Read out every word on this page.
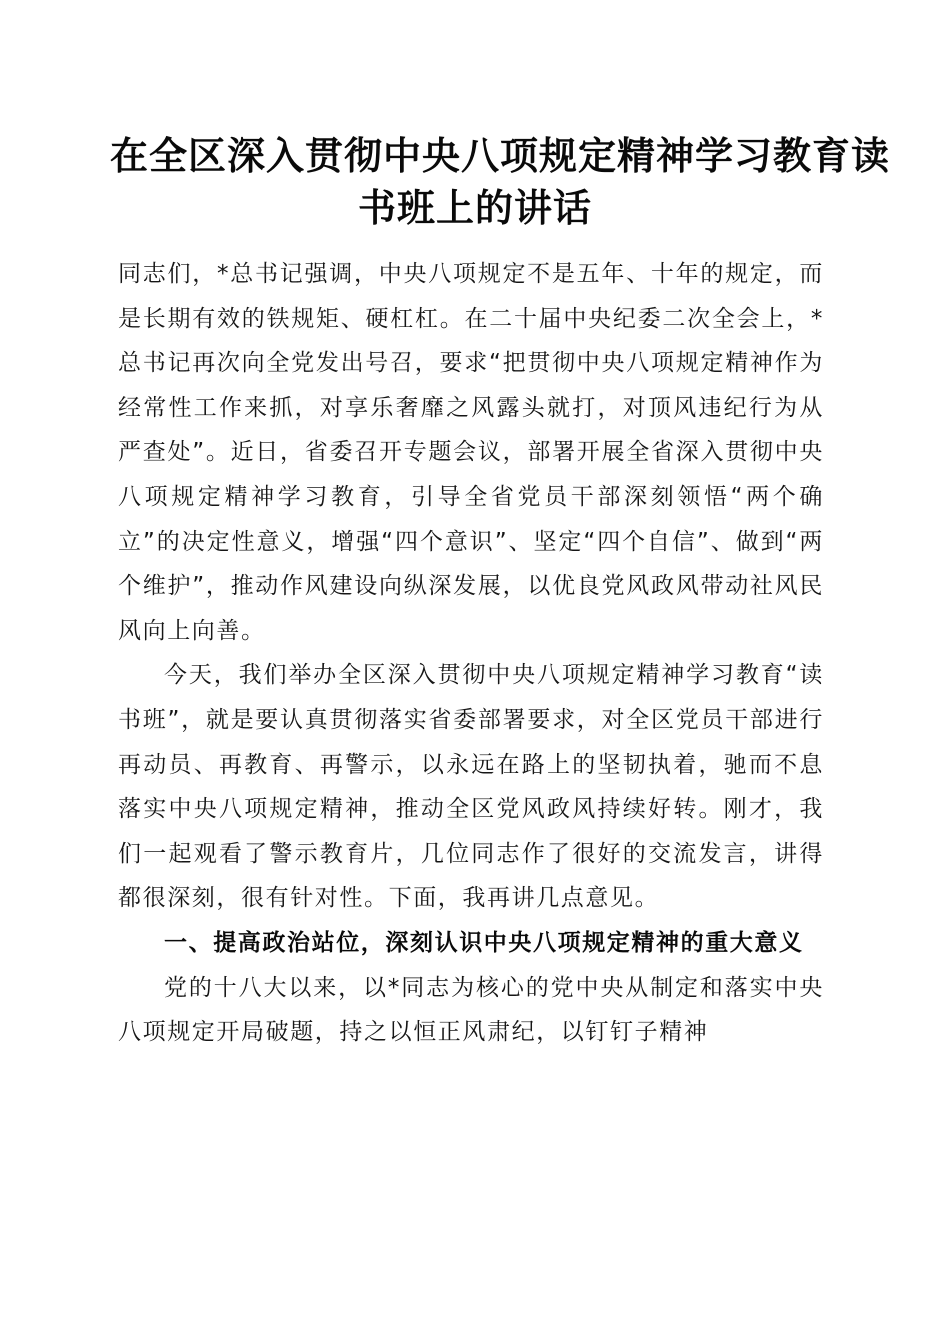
在全区深入贯彻中央八项规定精神学习教育读
书班上的讲话

同志们，*总书记强调，中央八项规定不是五年、十年的规定，而是长期有效的铁规矩、硬杠杠。在二十届中央纪委二次全会上，*总书记再次向全党发出号召，要求“把贯彻中央八项规定精神作为经常性工作来抓，对享乐奢靡之风露头就打，对顶风违纪行为从严查处”。近日，省委召开专题会议，部署开展全省深入贯彻中央八项规定精神学习教育，引导全省党员干部深刻领悟“两个确立”的决定性意义，增强“四个意识”、坚定“四个自信”、做到“两个维护”，推动作风建设向纵深发展，以优良党风政风带动社风民风向上向善。

今天，我们举办全区深入贯彻中央八项规定精神学习教育“读书班”，就是要认真贯彻落实省委部署要求，对全区党员干部进行再动员、再教育、再警示，以永远在路上的坚韧执着，驰而不息落实中央八项规定精神，推动全区党风政风持续好转。刚才，我们一起观看了警示教育片，几位同志作了很好的交流发言，讲得都很深刻，很有针对性。下面，我再讲几点意见。

一、提高政治站位，深刻认识中央八项规定精神的重大意义

党的十八大以来，以*同志为核心的党中央从制定和落实中央八项规定开局破题，持之以恒正风肃纪，以钉钉子精神
